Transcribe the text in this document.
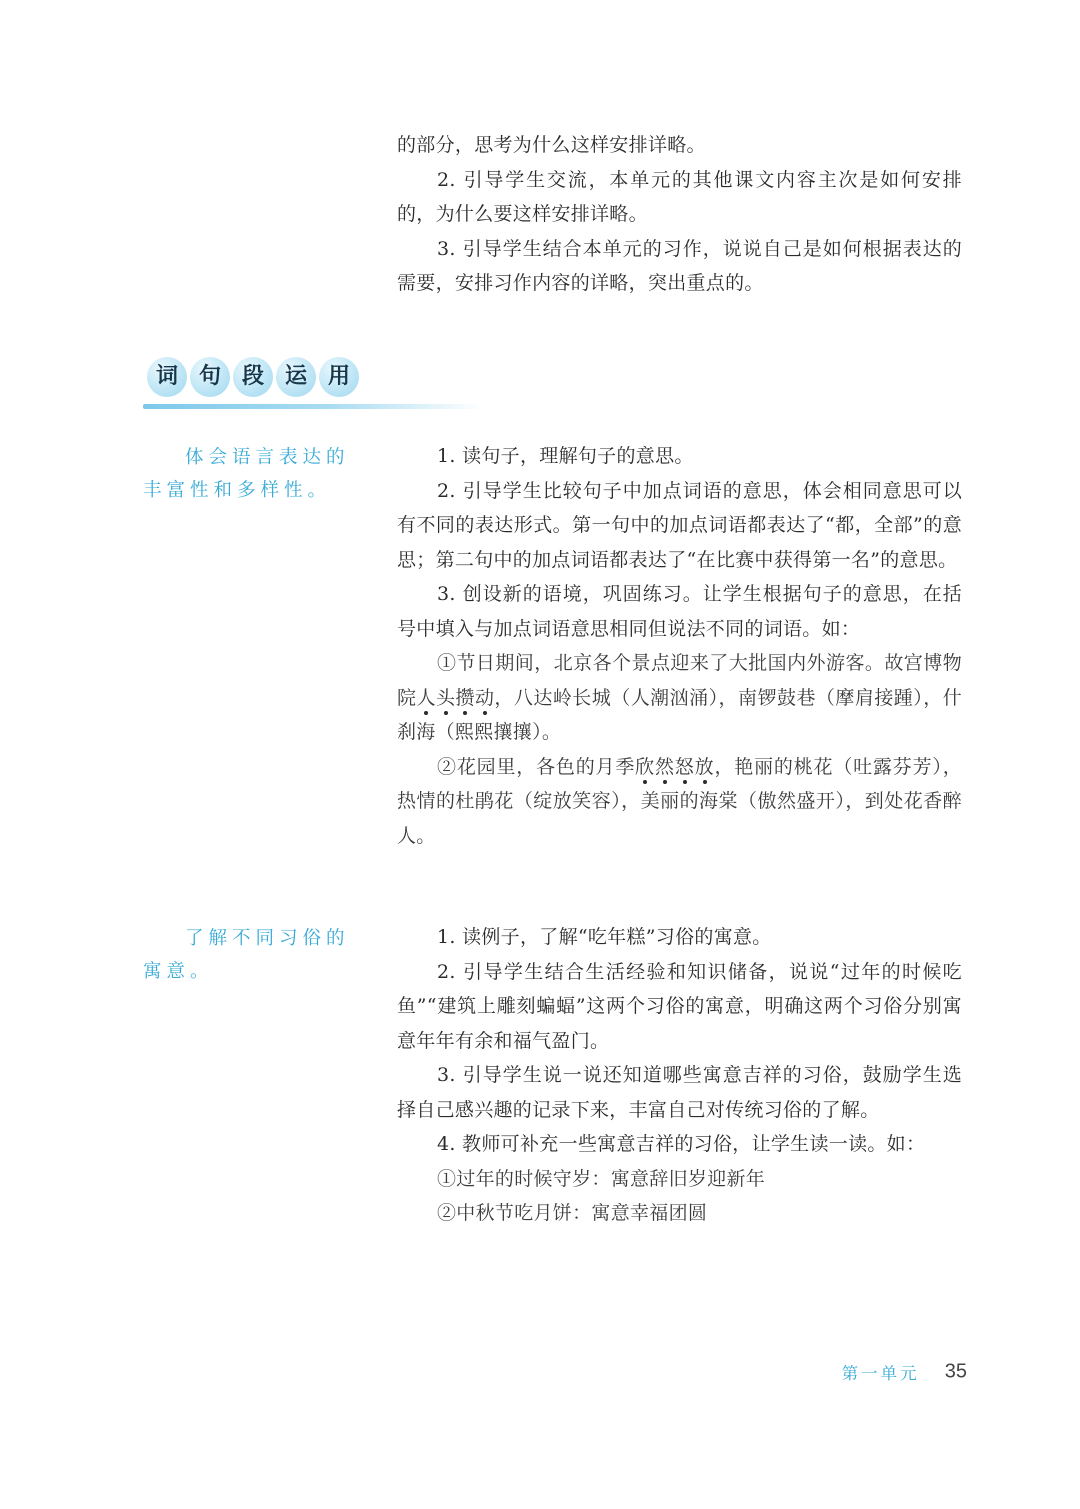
的部分，思考为什么这样安排详略。

2. 引导学生交流，本单元的其他课文内容主次是如何安排的，为什么要这样安排详略。

3. 引导学生结合本单元的习作，说说自己是如何根据表达的需要，安排习作内容的详略，突出重点的。

词 句 段 运 用

体会语言表达的

丰富性和多样性。

1. 读句子，理解句子的意思。

2. 引导学生比较句子中加点词语的意思，体会相同意思可以有不同的表达形式。第一句中的加点词语都表达了“都，全部”的意思；第二句中的加点词语都表达了“在比赛中获得第一名”的意思。

3. 创设新的语境，巩固练习。让学生根据句子的意思，在括号中填入与加点词语意思相同但说法不同的词语。如：

①节日期间，北京各个景点迎来了大批国内外游客。故宫博物院人头攒动，八达岭长城（人潮汹涌），南锣鼓巷（摩肩接踵），什刹海（熙熙攘攘）。

②花园里，各色的月季欣然怒放，艳丽的桃花（吐露芬芳），热情的杜鹃花（绽放笑容），美丽的海棠（傲然盛开），到处花香醉人。

了解不同习俗的

寓意。

1. 读例子，了解“吃年糕”习俗的寓意。

2. 引导学生结合生活经验和知识储备，说说“过年的时候吃鱼”“建筑上雕刻蝙蝠”这两个习俗的寓意，明确这两个习俗分别寓意年年有余和福气盈门。

3. 引导学生说一说还知道哪些寓意吉祥的习俗，鼓励学生选择自己感兴趣的记录下来，丰富自己对传统习俗的了解。

4. 教师可补充一些寓意吉祥的习俗，让学生读一读。如：

①过年的时候守岁：寓意辞旧岁迎新年

②中秋节吃月饼：寓意幸福团圆

第一单元 35
